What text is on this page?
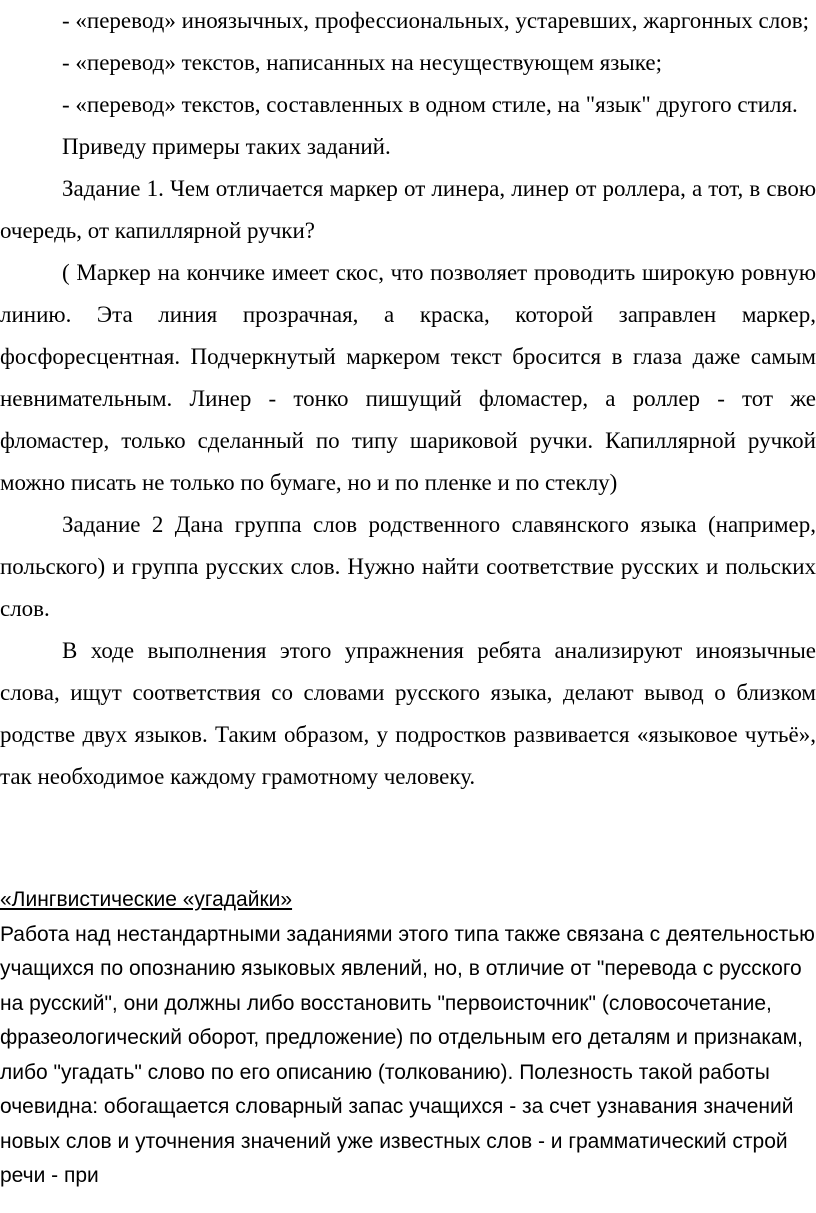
- «перевод» иноязычных, профессиональных, устаревших, жаргонных слов;

- «перевод» текстов, написанных на несуществующем языке;

- «перевод» текстов, составленных в одном стиле, на "язык" другого стиля.

Приведу примеры таких заданий.

Задание 1. Чем отличается маркер от линера, линер от роллера, а тот, в свою очередь, от капиллярной ручки?

( Маркер на кончике имеет скос, что позволяет проводить широкую ровную линию. Эта линия прозрачная, а краска, которой заправлен маркер, фосфоресцентная. Подчеркнутый маркером текст бросится в глаза даже самым невнимательным. Линер - тонко пишущий фломастер, а роллер - тот же фломастер, только сделанный по типу шариковой ручки. Капиллярной ручкой можно писать не только по бумаге, но и по пленке и по стеклу)

Задание 2 Дана группа слов родственного славянского языка (например, польского) и группа русских слов. Нужно найти соответствие русских и польских слов.

В ходе выполнения этого упражнения ребята анализируют иноязычные слова, ищут соответствия со словами русского языка, делают вывод о близком родстве двух языков. Таким образом, у подростков развивается «языковое чутьё», так необходимое каждому грамотному человеку.

«Лингвистические «угадайки»

Работа над нестандартными заданиями этого типа также связана с деятельностью учащихся по опознанию языковых явлений, но, в отличие от "перевода с русского на русский", они должны либо восстановить "первоисточник" (словосочетание, фразеологический оборот, предложение) по отдельным его деталям и признакам, либо "угадать" слово по его описанию (толкованию). Полезность такой работы очевидна: обогащается словарный запас учащихся - за счет узнавания значений новых слов и уточнения значений уже известных слов - и грамматический строй речи - при
